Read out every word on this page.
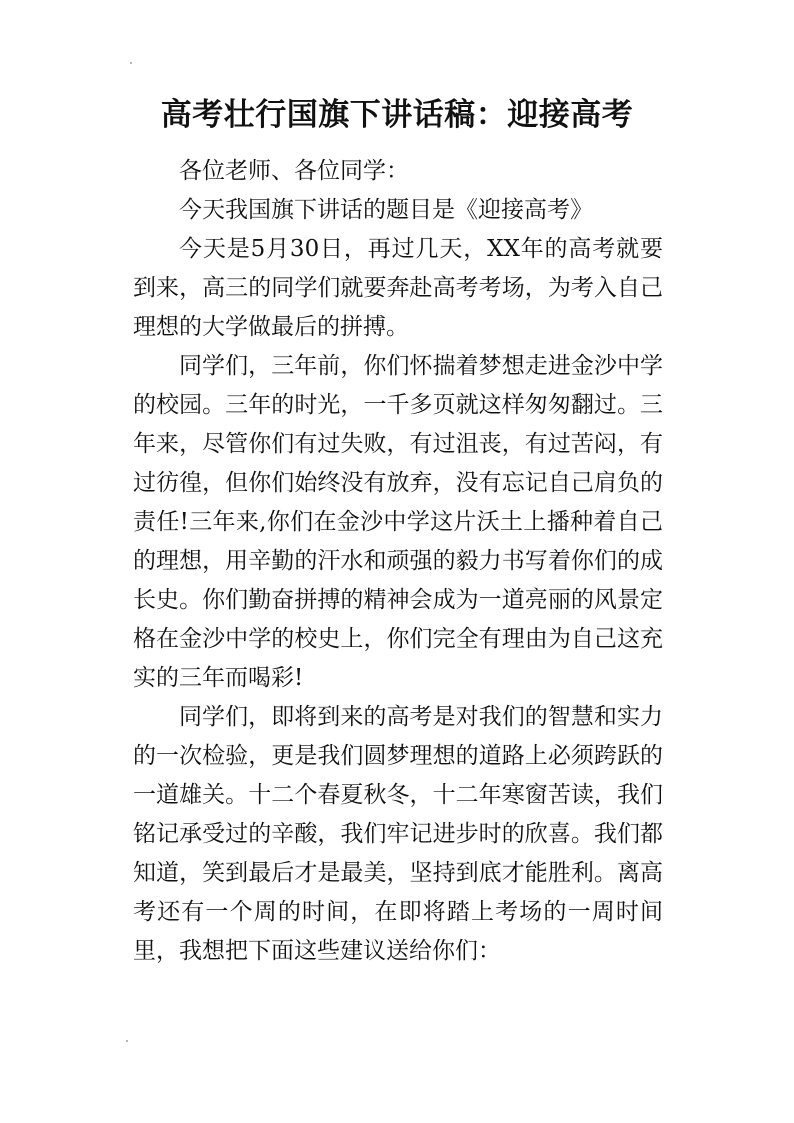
高考壮行国旗下讲话稿：迎接高考

各位老师、各位同学：

今天我国旗下讲话的题目是《迎接高考》

今天是5月30日，再过几天，XX年的高考就要到来，高三的同学们就要奔赴高考考场，为考入自己理想的大学做最后的拼搏。

同学们，三年前，你们怀揣着梦想走进金沙中学的校园。三年的时光，一千多页就这样匆匆翻过。三年来，尽管你们有过失败，有过沮丧，有过苦闷，有过彷徨，但你们始终没有放弃，没有忘记自己肩负的责任!三年来,你们在金沙中学这片沃土上播种着自己的理想，用辛勤的汗水和顽强的毅力书写着你们的成长史。你们勤奋拼搏的精神会成为一道亮丽的风景定格在金沙中学的校史上，你们完全有理由为自己这充实的三年而喝彩!

同学们，即将到来的高考是对我们的智慧和实力的一次检验，更是我们圆梦理想的道路上必须跨跃的一道雄关。十二个春夏秋冬，十二年寒窗苦读，我们铭记承受过的辛酸，我们牢记进步时的欣喜。我们都知道，笑到最后才是最美，坚持到底才能胜利。离高考还有一个周的时间，在即将踏上考场的一周时间里，我想把下面这些建议送给你们：
